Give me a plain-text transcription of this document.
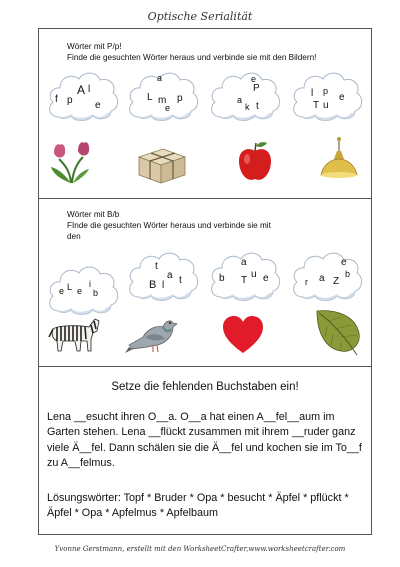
Optische Serialität
Wörter mit P/p!
Finde die gesuchten Wörter heraus und verbinde sie mit den Bildern!
f p
A l
e
a
L m p
e
e
P
a
k t
l p
e
T u
Wörter mit B/b
FInde die gesuchten Wörter heraus und verbinde sie mit
den
e L e
i
b
t
a t
B l
a
b T
u e
e
r a Z
b
Setze die fehlenden Buchstaben ein!
Lena __esucht ihren O__a. O__a hat einen A__fel__aum im Garten stehen. Lena __flückt zusammen mit ihrem __ruder ganz viele Ä__fel. Dann schälen sie die Ä__fel und kochen sie im To__f zu A__felmus.
Lösungswörter: Topf * Bruder * Opa * besucht * Äpfel * pflückt * Äpfel * Opa * Apfelmus * Apfelbaum
Yvonne Gerstmann, erstellt mit den WorksheetCrafter,www.worksheetcrafter.com
